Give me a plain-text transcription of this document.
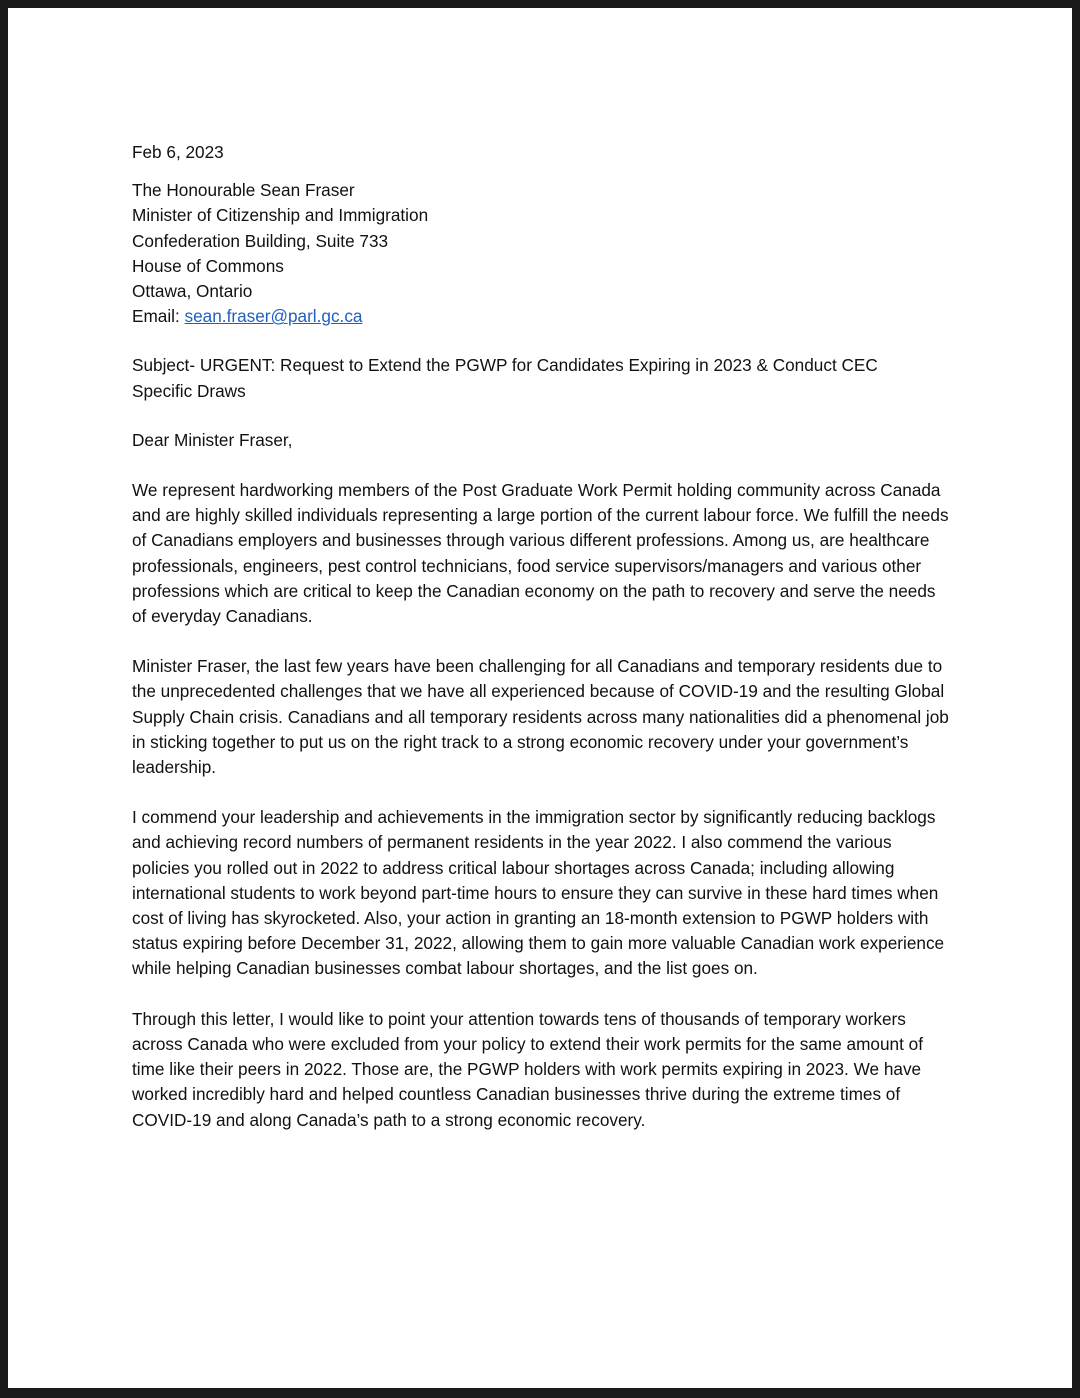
Feb 6, 2023
The Honourable Sean Fraser
Minister of Citizenship and Immigration
Confederation Building, Suite 733
House of Commons
Ottawa, Ontario
Email: sean.fraser@parl.gc.ca
Subject- URGENT: Request to Extend the PGWP for Candidates Expiring in 2023 & Conduct CEC Specific Draws
Dear Minister Fraser,
We represent hardworking members of the Post Graduate Work Permit holding community across Canada and are highly skilled individuals representing a large portion of the current labour force. We fulfill the needs of Canadians employers and businesses through various different professions. Among us, are healthcare professionals, engineers, pest control technicians, food service supervisors/managers and various other professions which are critical to keep the Canadian economy on the path to recovery and serve the needs of everyday Canadians.
Minister Fraser, the last few years have been challenging for all Canadians and temporary residents due to the unprecedented challenges that we have all experienced because of COVID-19 and the resulting Global Supply Chain crisis. Canadians and all temporary residents across many nationalities did a phenomenal job in sticking together to put us on the right track to a strong economic recovery under your government’s leadership.
I commend your leadership and achievements in the immigration sector by significantly reducing backlogs and achieving record numbers of permanent residents in the year 2022. I also commend the various policies you rolled out in 2022 to address critical labour shortages across Canada; including allowing international students to work beyond part-time hours to ensure they can survive in these hard times when cost of living has skyrocketed. Also, your action in granting an 18-month extension to PGWP holders with status expiring before December 31, 2022, allowing them to gain more valuable Canadian work experience while helping Canadian businesses combat labour shortages, and the list goes on.
Through this letter, I would like to point your attention towards tens of thousands of temporary workers across Canada who were excluded from your policy to extend their work permits for the same amount of time like their peers in 2022. Those are, the PGWP holders with work permits expiring in 2023. We have worked incredibly hard and helped countless Canadian businesses thrive during the extreme times of COVID-19 and along Canada’s path to a strong economic recovery.
